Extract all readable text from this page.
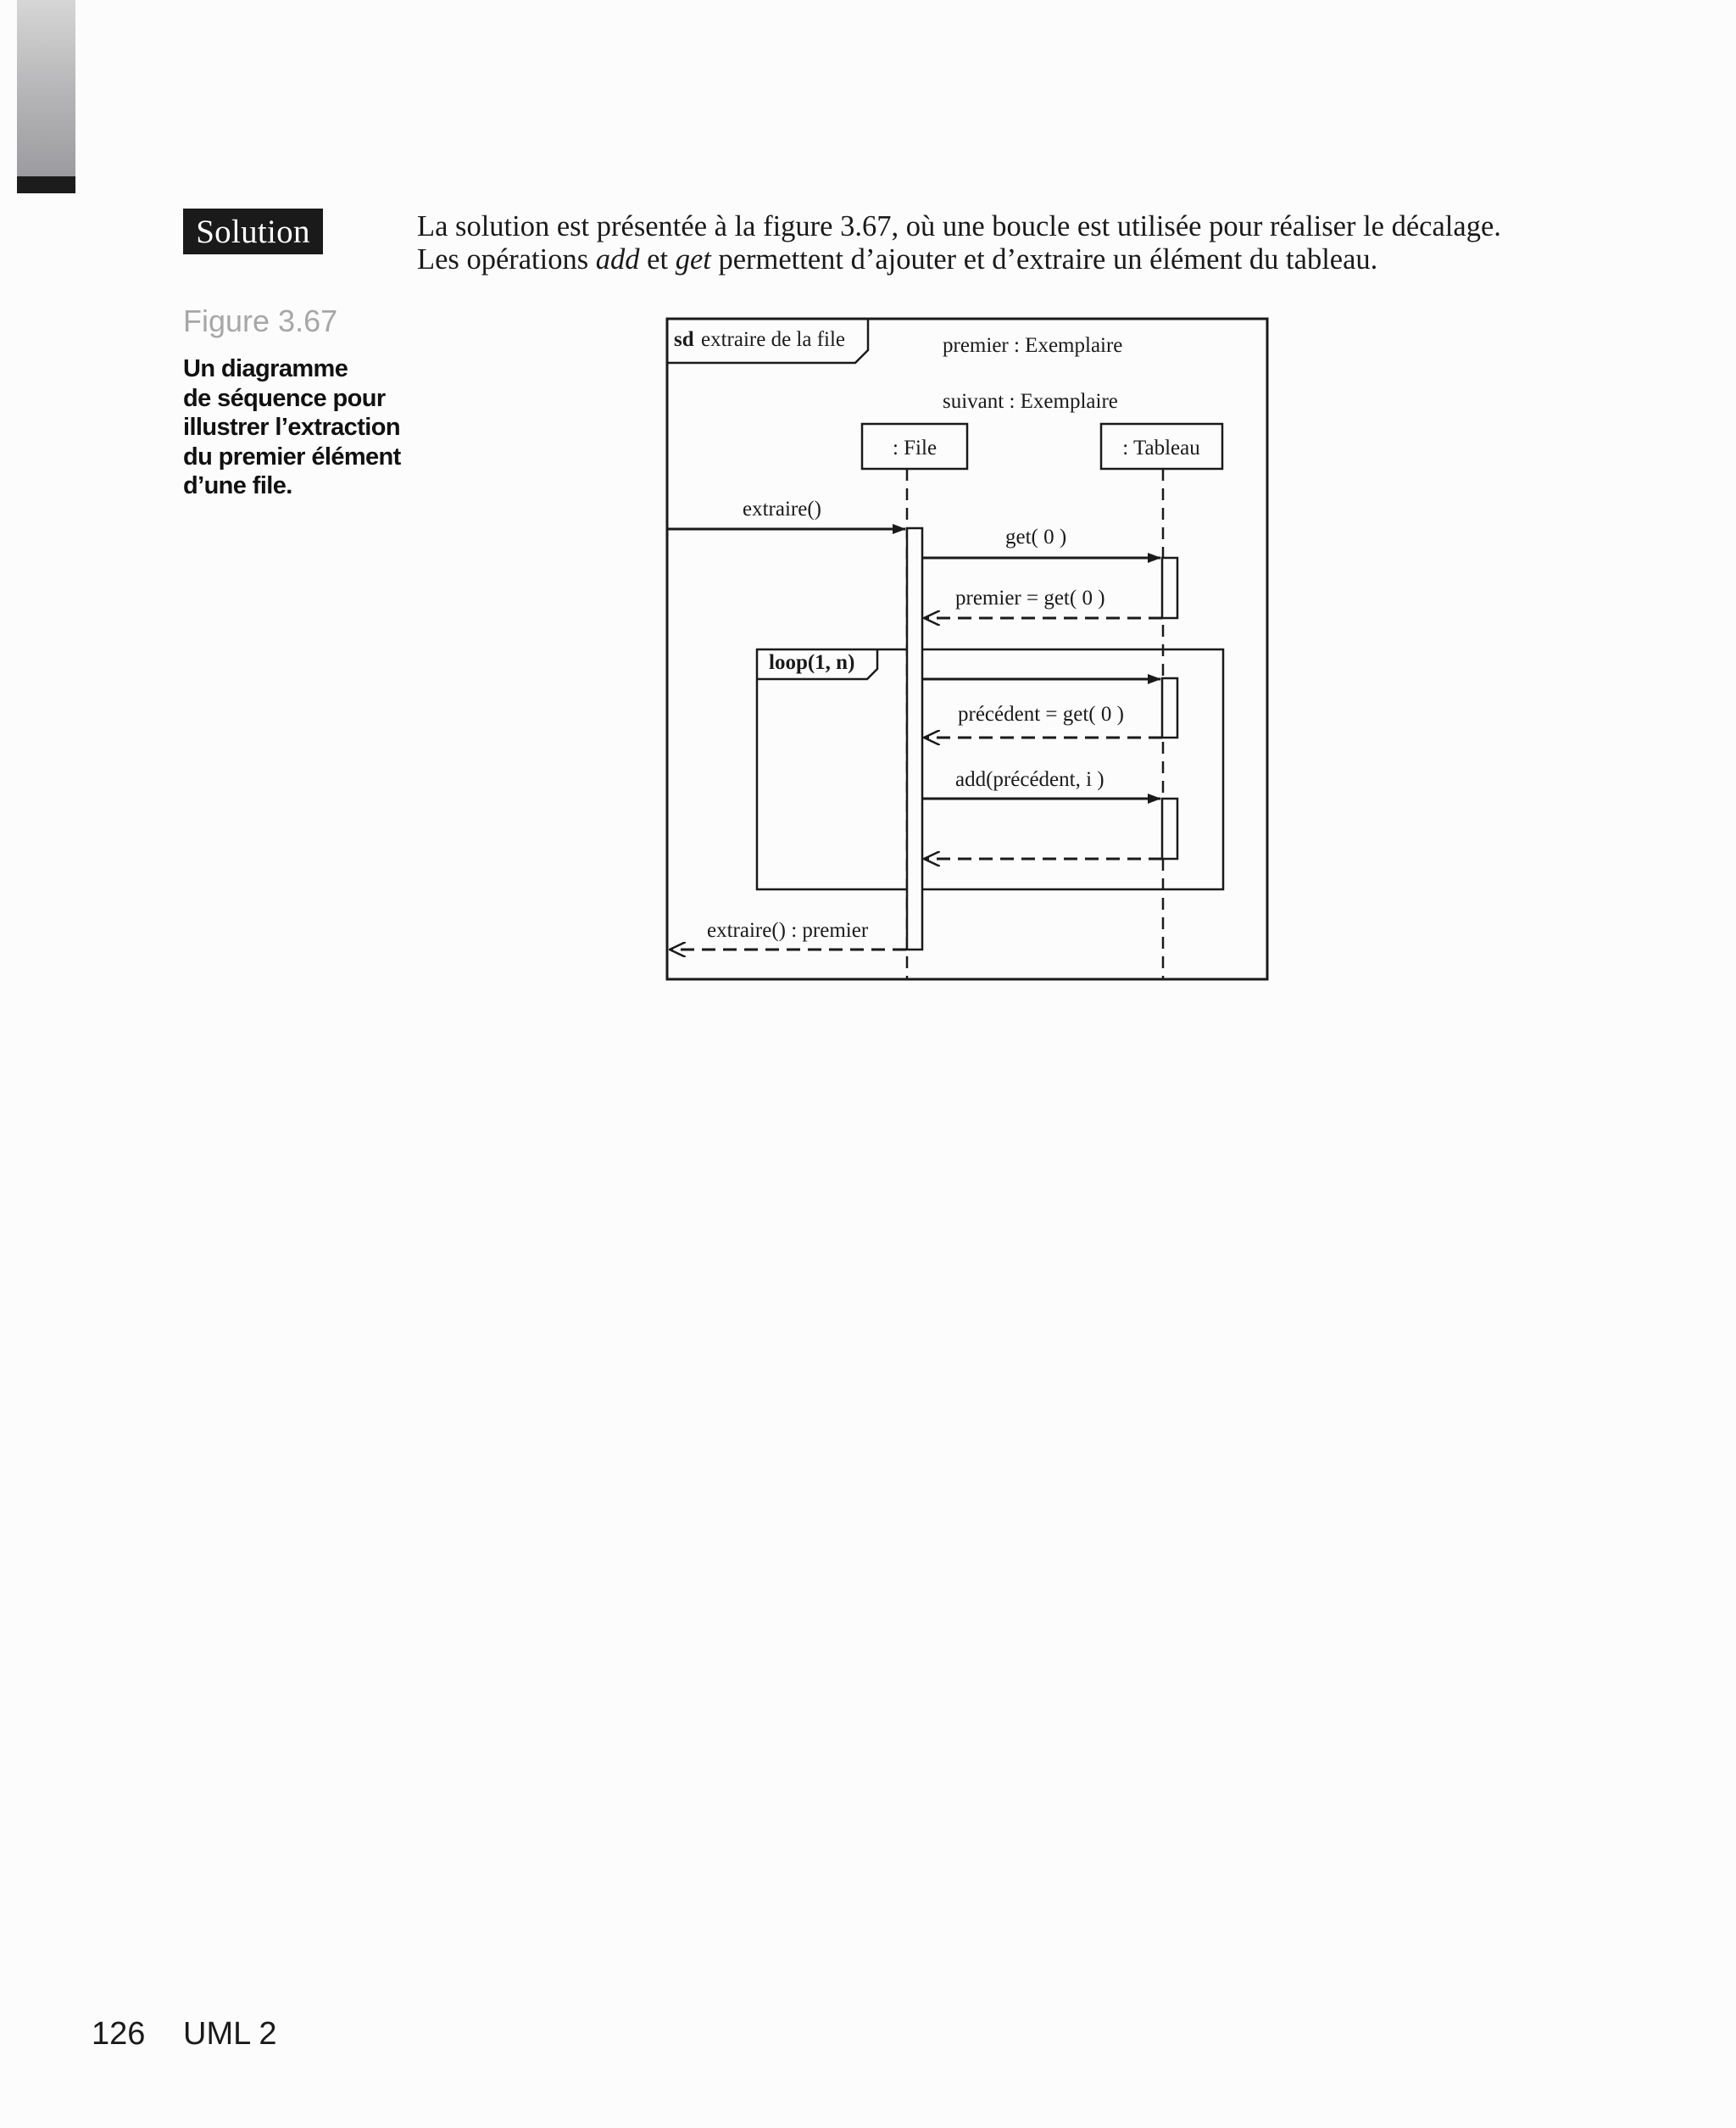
Solution	La solution est présentée à la figure 3.67, où une boucle est utilisée pour réaliser le décalage.

Les opérations add et get permettent d’ajouter et d’extraire un élément du tableau.

Figure 3.67
Un diagramme
de séquence pour
illustrer l’extraction
du premier élément
d’une file.
sd extraire de la file	premier : Exemplaire
suivant : Exemplaire
: File	: Tableau
loop(1, n)
extraire()
get( 0 )
premier = get( 0 )
précédent = get( 0 )
add(précédent, i )
extraire() : premier
126 UML 2
